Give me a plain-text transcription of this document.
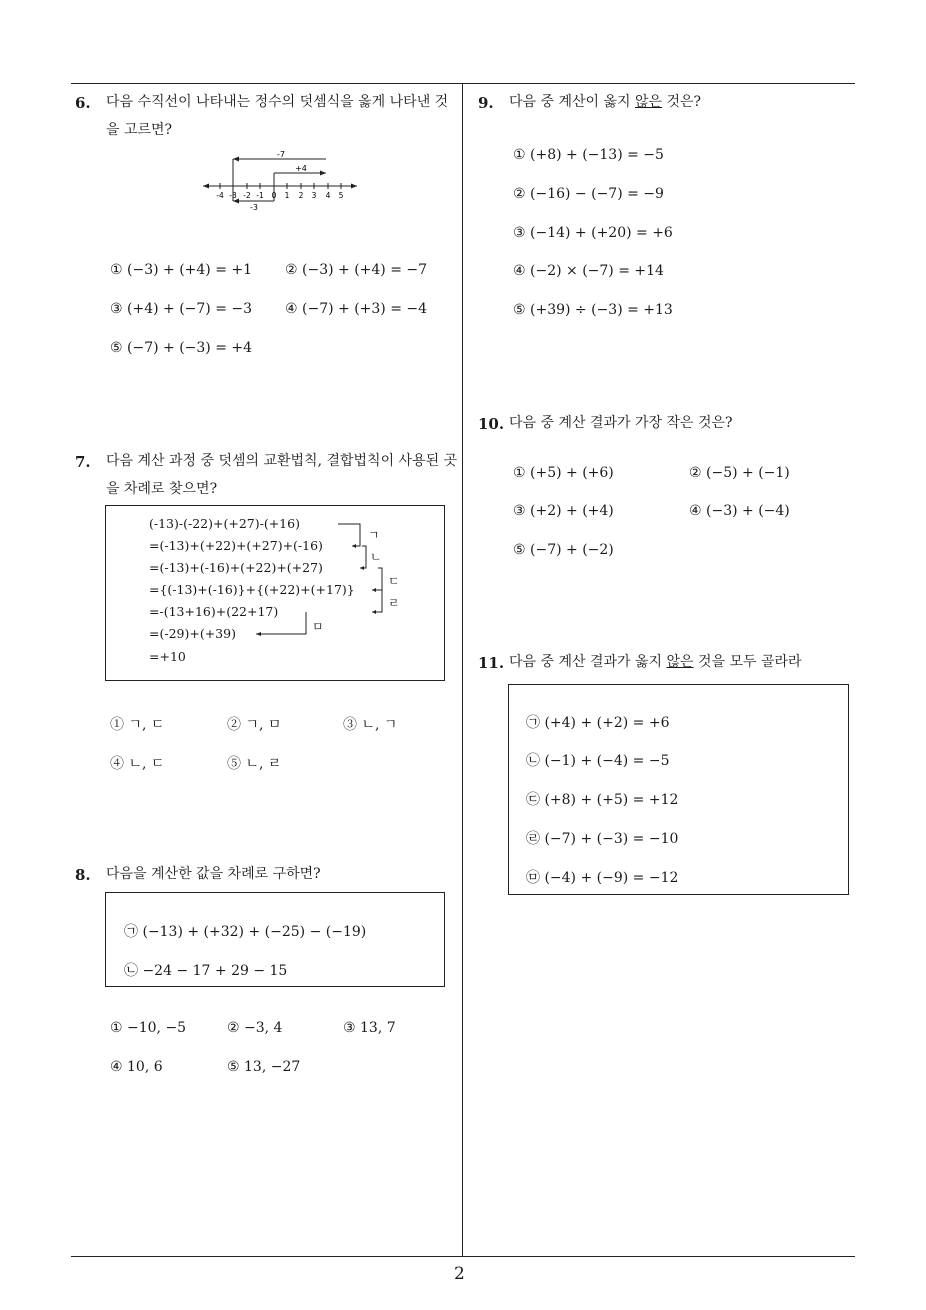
2
6. 다음 수직선이 나타내는 정수의 덧셈식을 옳게 나타낸 것을 고르면?
-7
+4
-3
-4 -3 -2 -1 0 1 2 3 4 5
① (−3) + (+4) = +1 ② (−3) + (+4) = −7
③ (+4) + (−7) = −3 ④ (−7) + (+3) = −4
⑤ (−7) + (−3) = +4
7. 다음 계산 과정 중 덧셈의 교환법칙, 결합법칙이 사용된 곳을 차례로 찾으면?
(-13)-(-22)+(+27)-(+16)
=(-13)+(+22)+(+27)+(-16)
=(-13)+(-16)+(+22)+(+27)
={(-13)+(-16)}+{(+22)+(+17)}
=-(13+16)+(22+17)
=(-29)+(+39)
=+10
ㄱ
ㄴ
ㄷ
ㄹ
ㅁ
① ㄱ, ㄷ	② ㄱ, ㅁ	③ ㄴ, ㄱ
④ ㄴ, ㄷ	⑤ ㄴ, ㄹ
8. 다음을 계산한 값을 차례로 구하면?
㉠ (−13) + (+32) + (−25) − (−19)
㉡ −24 − 17 + 29 − 15
① −10, −5	② −3, 4	③ 13, 7
④ 10, 6	⑤ 13, −27
9. 다음 중 계산이 옳지 않은 것은?
① (+8) + (−13) = −5
② (−16) − (−7) = −9
③ (−14) + (+20) = +6
④ (−2) × (−7) = +14
⑤ (+39) ÷ (−3) = +13
10. 다음 중 계산 결과가 가장 작은 것은?
① (+5) + (+6)	② (−5) + (−1)
③ (+2) + (+4)	④ (−3) + (−4)
⑤ (−7) + (−2)
11. 다음 중 계산 결과가 옳지 않은 것을 모두 골라라
㉠ (+4) + (+2) = +6
㉡ (−1) + (−4) = −5
㉢ (+8) + (+5) = +12
㉣ (−7) + (−3) = −10
㉤ (−4) + (−9) = −12
